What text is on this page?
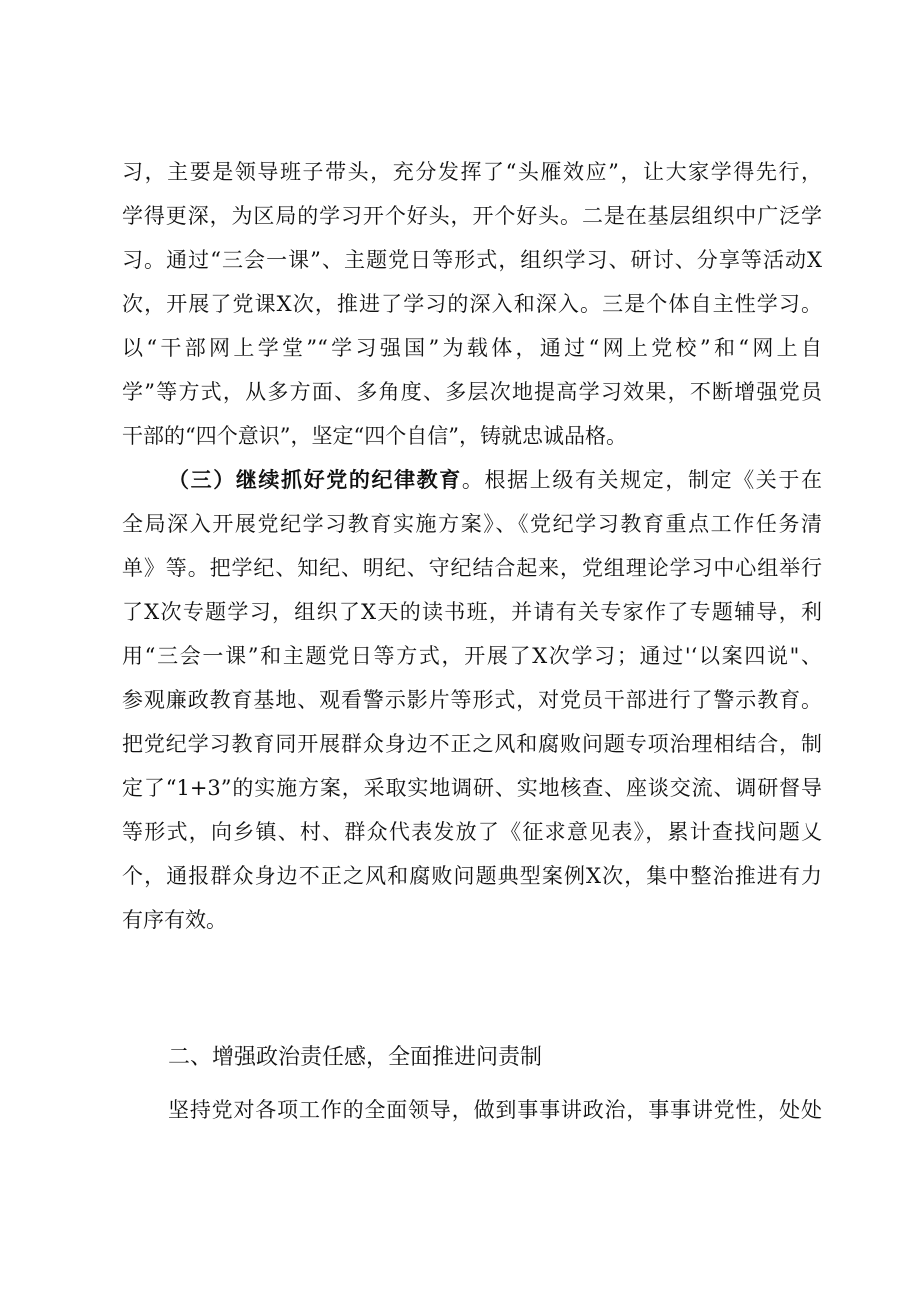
习，主要是领导班子带头，充分发挥了“头雁效应”，让大家学得先行，
学得更深，为区局的学习开个好头，开个好头。二是在基层组织中广泛学
习。通过“三会一课”、主题党日等形式，组织学习、研讨、分享等活动X
次，开展了党课X次，推进了学习的深入和深入。三是个体自主性学习。
以“干部网上学堂”“学习强国”为载体，通过“网上党校”和“网上自
学”等方式，从多方面、多角度、多层次地提高学习效果，不断增强党员
干部的“四个意识”，坚定“四个自信”，铸就忠诚品格。
（三）继续抓好党的纪律教育。根据上级有关规定，制定《关于在
全局深入开展党纪学习教育实施方案》、《党纪学习教育重点工作任务清
单》等。把学纪、知纪、明纪、守纪结合起来，党组理论学习中心组举行
了X次专题学习，组织了X天的读书班，并请有关专家作了专题辅导，利
用“三会一课”和主题党日等方式，开展了X次学习；通过'‘以案四说"、
参观廉政教育基地、观看警示影片等形式，对党员干部进行了警示教育。
把党纪学习教育同开展群众身边不正之风和腐败问题专项治理相结合，制
定了“1+3”的实施方案，采取实地调研、实地核查、座谈交流、调研督导
等形式，向乡镇、村、群众代表发放了《征求意见表》，累计查找问题乂
个，通报群众身边不正之风和腐败问题典型案例X次，集中整治推进有力
有序有效。
二、增强政治责任感，全面推进问责制
坚持党对各项工作的全面领导，做到事事讲政治，事事讲党性，处处
